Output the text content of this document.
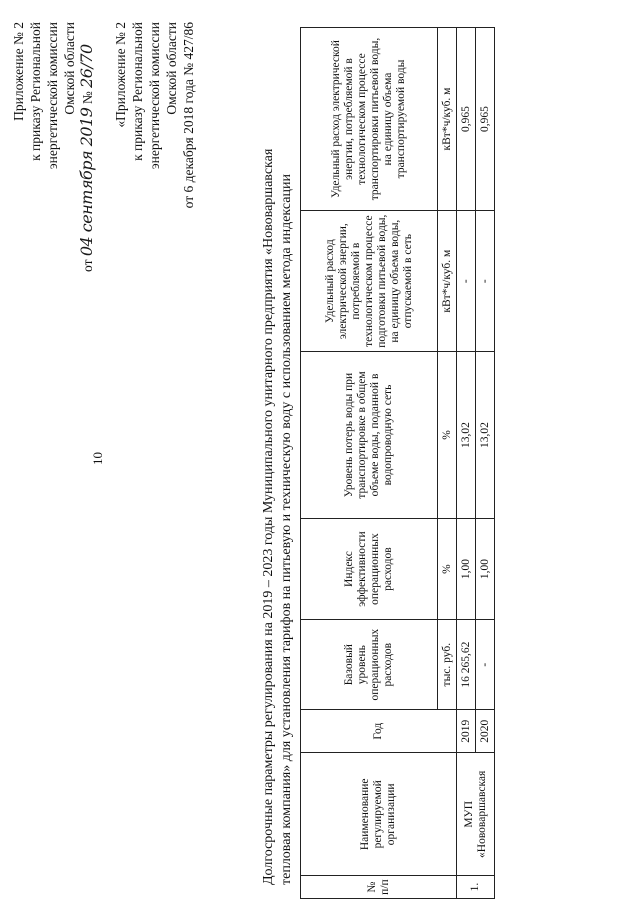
10
Приложение № 2 к приказу Региональной энергетической комиссии Омской области
от 04 сентября 2019 № 26/70 «Приложение № 2 к приказу Региональной энергетической комиссии Омской области от 6 декабря 2018 года № 427/86
Долгосрочные параметры регулирования на 2019 – 2023 годы Муниципального унитарного предприятия «Нововаршавская тепловая компания» для установления тарифов на питьевую и техническую воду с использованием метода индексации
№ п/п	Наименование регулируемой организации	Год	Базовый уровень операционных расходов	Индекс эффективности операционных расходов	Уровень потерь воды при транспортировке в общем объеме воды, поданной в водопроводную сеть	Удельный расход электрической энергии, потребляемой в технологическом процессе подготовки питьевой воды, на единицу объема воды, отпускаемой в сеть	Удельный расход электрической энергии, потребляемой в технологическом процессе транспортировки питьевой воды, на единицу объема транспортируемой воды
			тыс. руб.	%	%	кВт*ч/куб. м	кВт*ч/куб. м
1.	МУП «Нововаршавская	2019	16 265,62	1,00	13,02	-	0,965
		2020	-	1,00	13,02	-	0,965
